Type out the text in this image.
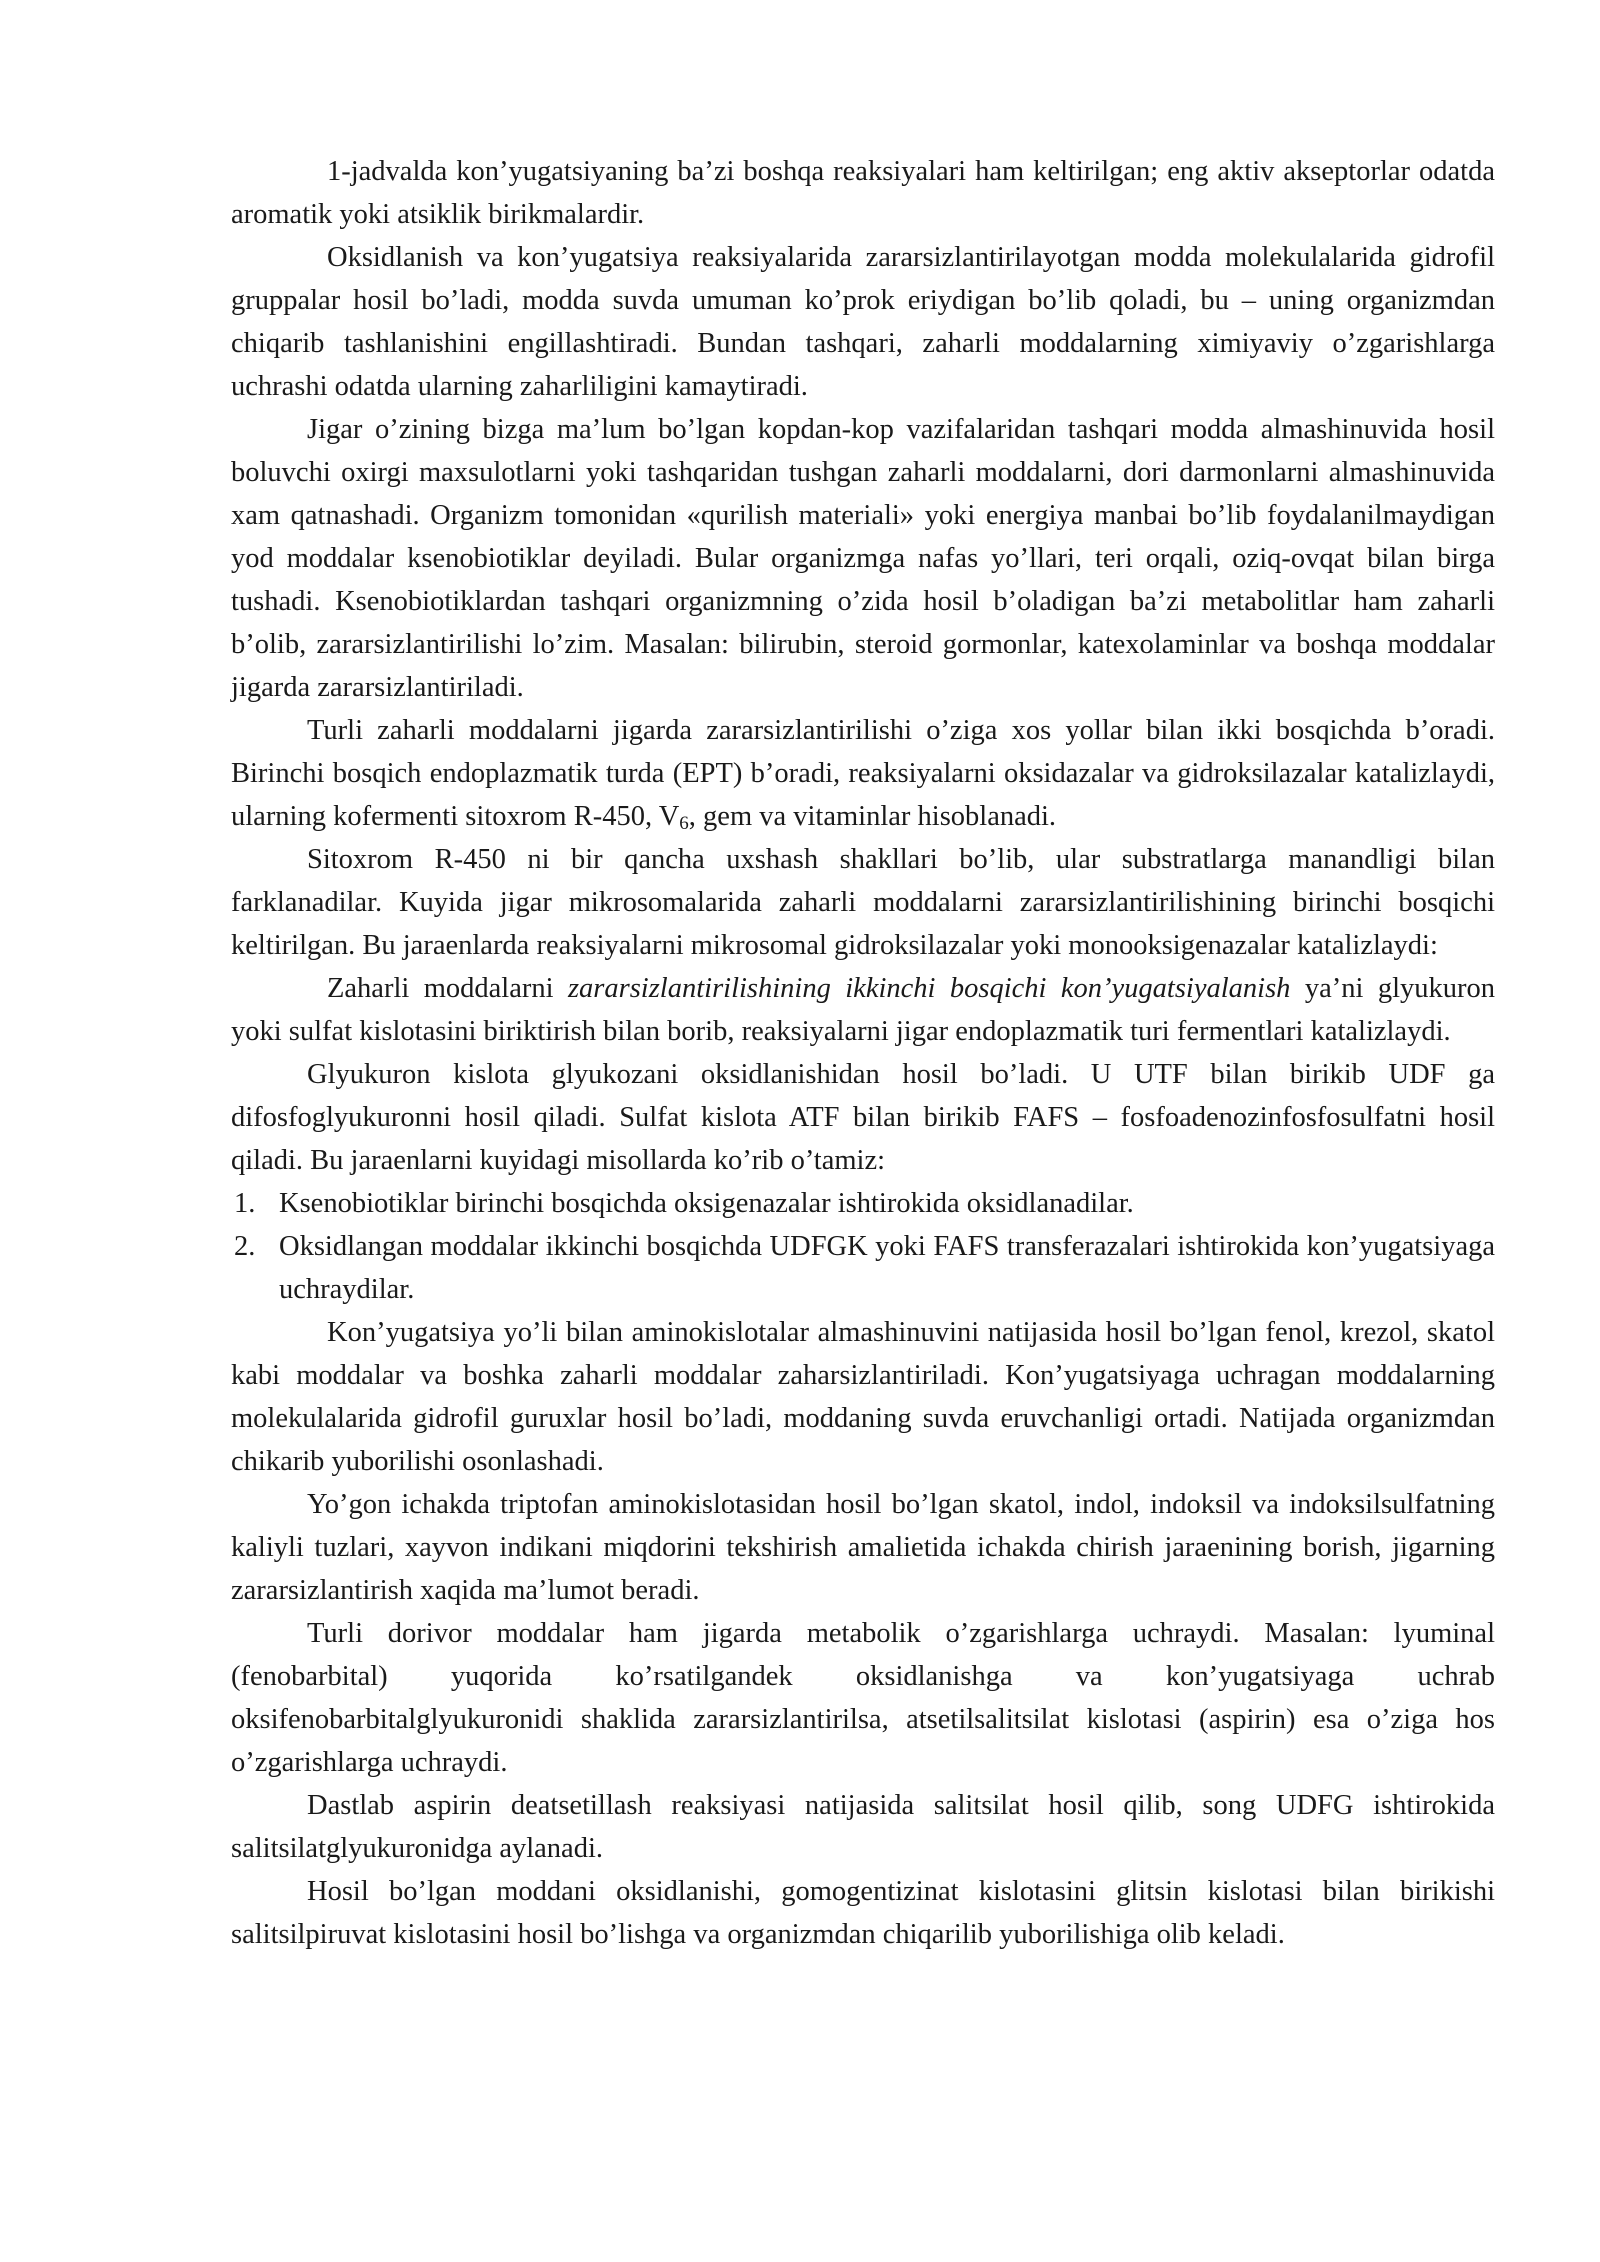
1-jadvalda kon’yugatsiyaning ba’zi boshqa reaksiyalari ham keltirilgan; eng aktiv akseptorlar odatda aromatik yoki atsiklik birikmalardir.

Oksidlanish va kon’yugatsiya reaksiyalarida zararsizlantirilayotgan modda molekulalarida gidrofil gruppalar hosil bo’ladi, modda suvda umuman ko’prok eriydigan bo’lib qoladi, bu – uning organizmdan chiqarib tashlanishini engillashtiradi. Bundan tashqari, zaharli moddalarning ximiyaviy o’zgarishlarga uchrashi odatda ularning zaharliligini kamaytiradi.

Jigar o’zining bizga ma’lum bo’lgan kopdan-kop vazifalaridan tashqari modda almashinuvida hosil boluvchi oxirgi maxsulotlarni yoki tashqaridan tushgan zaharli moddalarni, dori darmonlarni almashinuvida xam qatnashadi. Organizm tomonidan «qurilish materiali» yoki energiya manbai bo’lib foydalanilmaydigan yod moddalar ksenobiotiklar deyiladi. Bular organizmga nafas yo’llari, teri orqali, oziq-ovqat bilan birga tushadi. Ksenobiotiklardan tashqari organizmning o’zida hosil b’oladigan ba’zi metabolitlar ham zaharli b’olib, zararsizlantirilishi lo’zim. Masalan: bilirubin, steroid gormonlar, katexolaminlar va boshqa moddalar jigarda zararsizlantiriladi.

Turli zaharli moddalarni jigarda zararsizlantirilishi o’ziga xos yollar bilan ikki bosqichda b’oradi. Birinchi bosqich endoplazmatik turda (EPT) b’oradi, reaksiyalarni oksidazalar va gidroksilazalar katalizlaydi, ularning kofermenti sitoxrom R-450, $V_6$, gem va vitaminlar hisoblanadi.

Sitoxrom R-450 ni bir qancha uxshash shakllari bo’lib, ular substratlarga manandligi bilan farklanadilar. Kuyida jigar mikrosomalarida zaharli moddalarni zararsizlantirilishining birinchi bosqichi keltirilgan. Bu jaraenlarda reaksiyalarni mikrosomal gidroksilazalar yoki monooksigenazalar katalizlaydi:

Zaharli moddalarni zararsizlantirilishining ikkinchi bosqichi kon’yugatsiyalanish ya’ni glyukuron yoki sulfat kislotasini biriktirish bilan borib, reaksiyalarni jigar endoplazmatik turi fermentlari katalizlaydi.

Glyukuron kislota glyukozani oksidlanishidan hosil bo’ladi. U UTF bilan birikib UDF ga difosfoglyukuronni hosil qiladi. Sulfat kislota ATF bilan birikib FAFS – fosfoadenozinfosfosulfatni hosil qiladi. Bu jaraenlarni kuyidagi misollarda ko’rib o’tamiz:

1. Ksenobiotiklar birinchi bosqichda oksigenazalar ishtirokida oksidlanadilar.
2. Oksidlangan moddalar ikkinchi bosqichda UDFGK yoki FAFS transferazalari ishtirokida kon’yugatsiyaga uchraydilar.

Kon’yugatsiya yo’li bilan aminokislotalar almashinuvini natijasida hosil bo’lgan fenol, krezol, skatol kabi moddalar va boshka zaharli moddalar zaharsizlantiriladi. Kon’yugatsiyaga uchragan moddalarning molekulalarida gidrofil guruxlar hosil bo’ladi, moddaning suvda eruvchanligi ortadi. Natijada organizmdan chikarib yuborilishi osonlashadi.

Yo’gon ichakda triptofan aminokislotasidan hosil bo’lgan skatol, indol, indoksil va indoksilsulfatning kaliyli tuzlari, xayvon indikani miqdorini tekshirish amalietida ichakda chirish jaraenining borish, jigarning zararsizlantirish xaqida ma’lumot beradi.

Turli dorivor moddalar ham jigarda metabolik o’zgarishlarga uchraydi. Masalan: lyuminal (fenobarbital) yuqorida ko’rsatilgandek oksidlanishga va kon’yugatsiyaga uchrab oksifenobarbitalglyukuronidi shaklida zararsizlantirilsa, atsetilsalitsilat kislotasi (aspirin) esa o’ziga hos o’zgarishlarga uchraydi.

Dastlab aspirin deatsetillash reaksiyasi natijasida salitsilat hosil qilib, song UDFG ishtirokida salitsilatglyukuronidga aylanadi.

Hosil bo’lgan moddani oksidlanishi, gomogentizinat kislotasini glitsin kislotasi bilan birikishi salitsilpiruvat kislotasini hosil bo’lishga va organizmdan chiqarilib yuborilishiga olib keladi.
